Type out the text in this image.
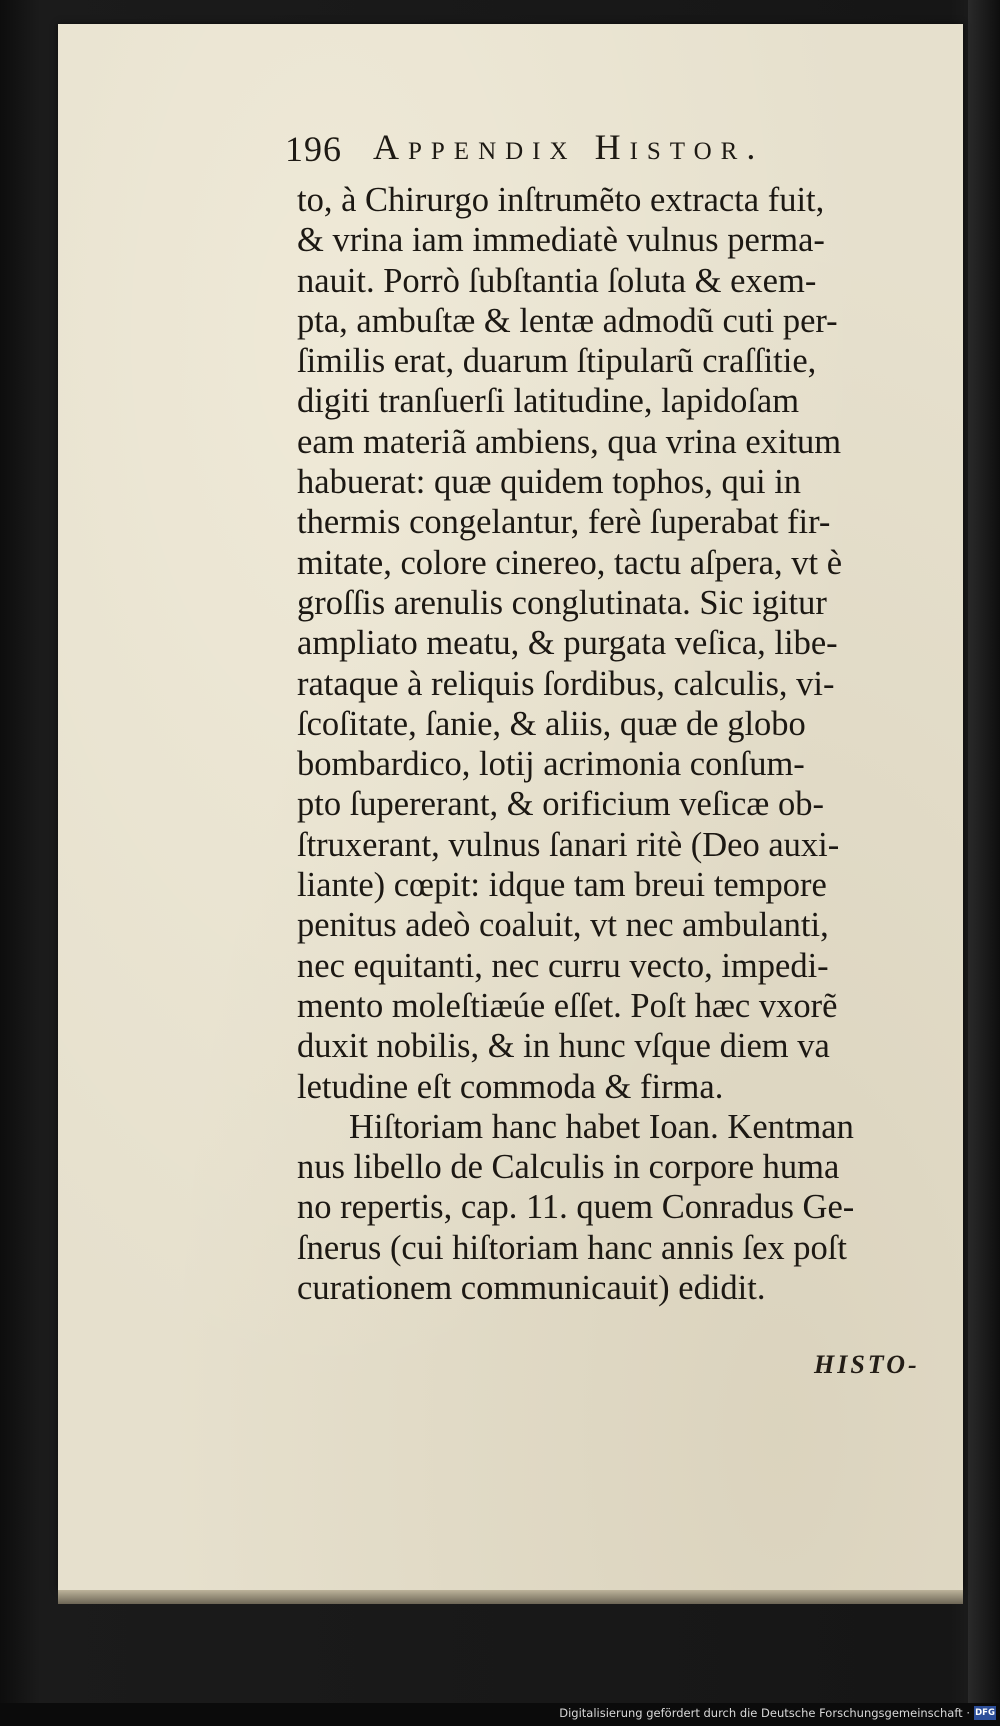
196 Appendix Histor.
to, à Chirurgo inſtrumẽto extracta fuit,
& vrina iam immediatè vulnus perma-
nauit. Porrò ſubſtantia ſoluta & exem-
pta, ambuſtæ & lentæ admodũ cuti per-
ſimilis erat, duarum ſtipularũ craſſitie,
digiti tranſuerſi latitudine, lapidoſam
eam materiã ambiens, qua vrina exitum
habuerat: quæ quidem tophos, qui in
thermis congelantur, ferè ſuperabat fir-
mitate, colore cinereo, tactu aſpera, vt è
groſſis arenulis conglutinata. Sic igitur
ampliato meatu, & purgata veſica, libe-
rataque à reliquis ſordibus, calculis, vi-
ſcoſitate, ſanie, & aliis, quæ de globo
bombardico, lotij acrimonia conſum-
pto ſupererant, & orificium veſicæ ob-
ſtruxerant, vulnus ſanari ritè (Deo auxi-
liante) cœpit: idque tam breui tempore
penitus adeò coaluit, vt nec ambulanti,
nec equitanti, nec curru vecto, impedi-
mento moleſtiæúe eſſet. Poſt hæc vxorẽ
duxit nobilis, & in hunc vſque diem va
letudine eſt commoda & firma.
Hiſtoriam hanc habet Ioan. Kentman
nus libello de Calculis in corpore huma
no repertis, cap. 11. quem Conradus Ge-
ſnerus (cui hiſtoriam hanc annis ſex poſt
curationem communicauit) edidit.
HISTO-
Digitalisierung gefördert durch die Deutsche Forschungsgemeinschaft · DFG
